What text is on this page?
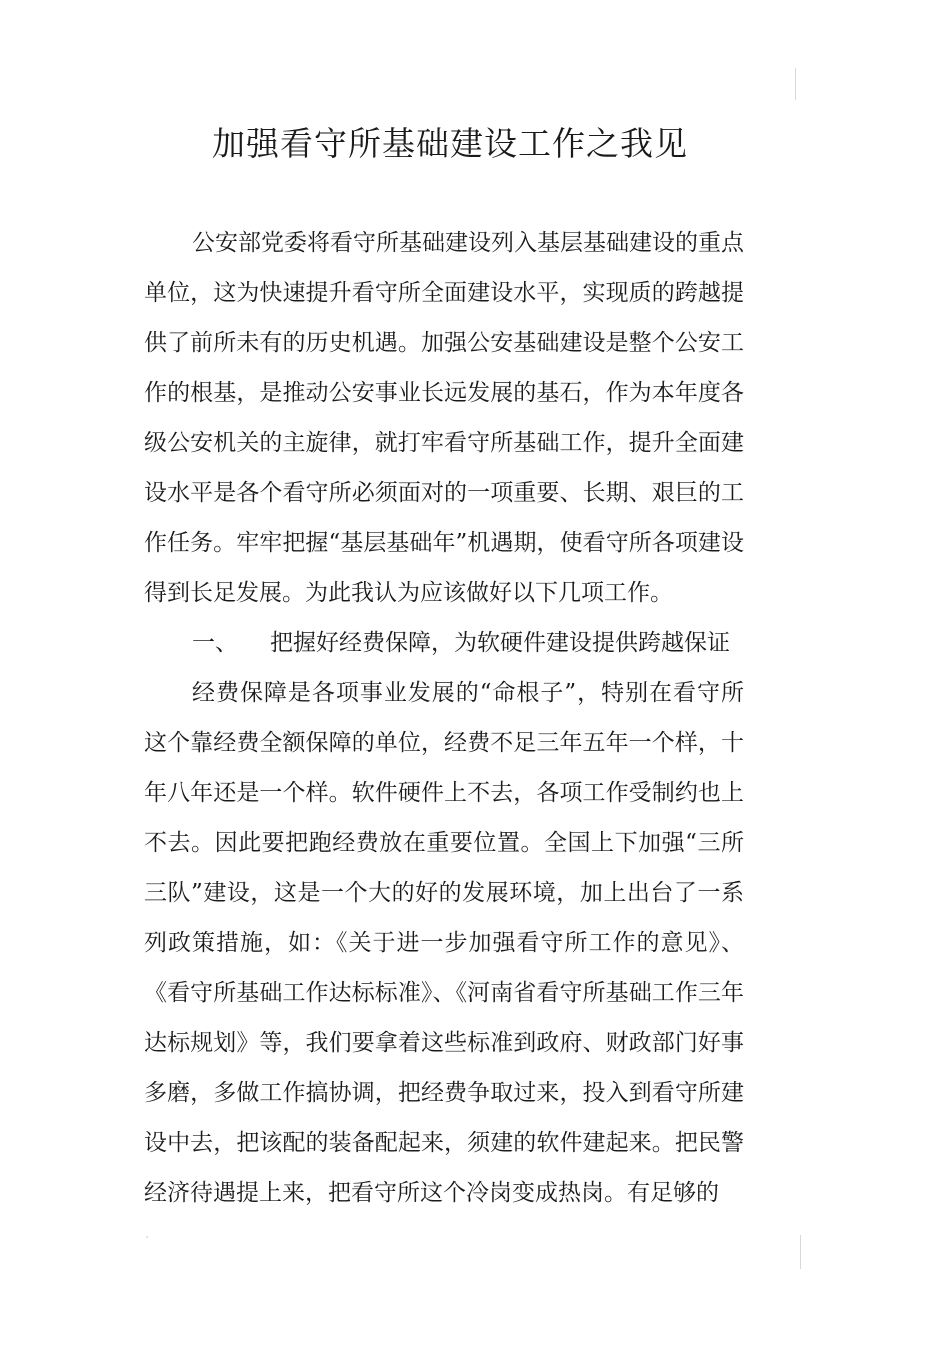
加强看守所基础建设工作之我见

公安部党委将看守所基础建设列入基层基础建设的重点单位，这为快速提升看守所全面建设水平，实现质的跨越提供了前所未有的历史机遇。加强公安基础建设是整个公安工作的根基，是推动公安事业长远发展的基石，作为本年度各级公安机关的主旋律，就打牢看守所基础工作，提升全面建设水平是各个看守所必须面对的一项重要、长期、艰巨的工作任务。牢牢把握“基层基础年”机遇期，使看守所各项建设得到长足发展。为此我认为应该做好以下几项工作。

一、 把握好经费保障，为软硬件建设提供跨越保证

经费保障是各项事业发展的“命根子”，特别在看守所这个靠经费全额保障的单位，经费不足三年五年一个样，十年八年还是一个样。软件硬件上不去，各项工作受制约也上不去。因此要把跑经费放在重要位置。全国上下加强“三所三队”建设，这是一个大的好的发展环境，加上出台了一系列政策措施，如：《关于进一步加强看守所工作的意见》、《看守所基础工作达标标准》、《河南省看守所基础工作三年达标规划》等，我们要拿着这些标准到政府、财政部门好事多磨，多做工作搞协调，把经费争取过来，投入到看守所建设中去，把该配的装备配起来，须建的软件建起来。把民警经济待遇提上来，把看守所这个冷岗变成热岗。有足够的
